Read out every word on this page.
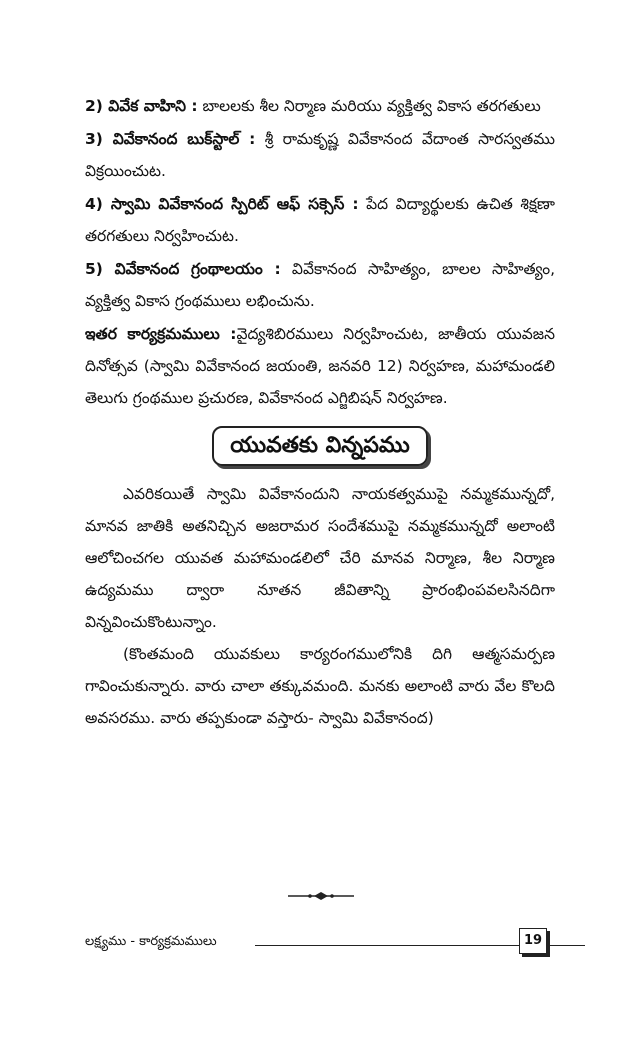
2) వివేక వాహిని : బాలలకు శీల నిర్మాణ మరియు వ్యక్తిత్వ వికాస తరగతులు

3) వివేకానంద బుక్‌స్టాల్ : శ్రీ రామకృష్ణ వివేకానంద వేదాంత సారస్వతము విక్రయించుట.

4) స్వామి వివేకానంద స్పిరిట్ ఆఫ్ సక్సెస్ : పేద విద్యార్థులకు ఉచిత శిక్షణా తరగతులు నిర్వహించుట.

5) వివేకానంద గ్రంథాలయం : వివేకానంద సాహిత్యం, బాలల సాహిత్యం, వ్యక్తిత్వ వికాస గ్రంథములు లభించును.

ఇతర కార్యక్రమములు :వైద్యశిబిరములు నిర్వహించుట, జాతీయ యువజన దినోత్సవ (స్వామి వివేకానంద జయంతి, జనవరి 12) నిర్వహణ, మహామండలి తెలుగు గ్రంథముల ప్రచురణ, వివేకానంద ఎగ్జిబిషన్ నిర్వహణ.

యువతకు విన్నపము

ఎవరికయితే స్వామి వివేకానందుని నాయకత్వముపై నమ్మకమున్నదో, మానవ జాతికి అతనిచ్చిన అజరామర సందేశముపై నమ్మకమున్నదో అలాంటి ఆలోచించగల యువత మహామండలిలో చేరి మానవ నిర్మాణ, శీల నిర్మాణ ఉద్యమము ద్వారా నూతన జీవితాన్ని ప్రారంభింపవలసినదిగా విన్నవించుకొంటున్నాం.

(కొంతమంది యువకులు కార్యరంగములోనికి దిగి ఆత్మసమర్పణ గావించుకున్నారు. వారు చాలా తక్కువమంది. మనకు అలాంటి వారు వేల కొలది అవసరము. వారు తప్పకుండా వస్తారు- స్వామి వివేకానంద)

లక్ష్యము - కార్యక్రమములు	19
